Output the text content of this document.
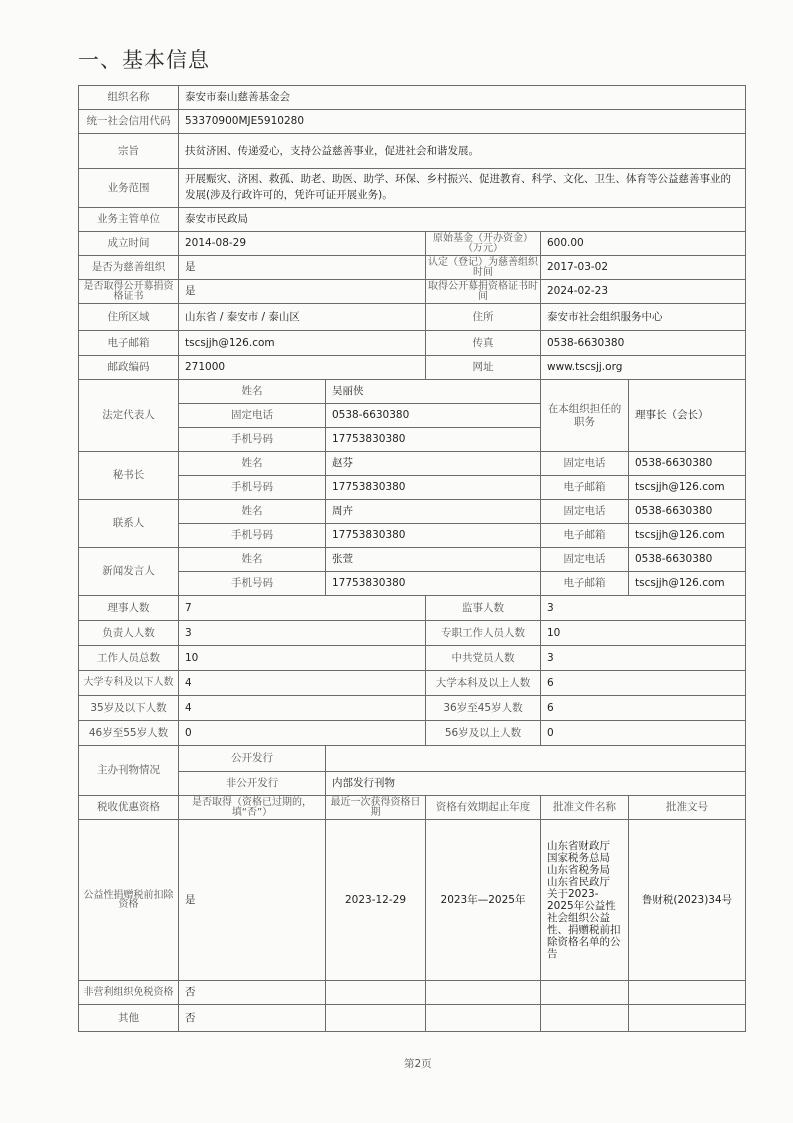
一、基本信息
组织名称	泰安市泰山慈善基金会				
统一社会信用代码	53370900MJE5910280				
宗旨	扶贫济困、传递爱心，支持公益慈善事业，促进社会和谐发展。				
业务范围	开展赈灾、济困、救孤、助老、助医、助学、环保、乡村振兴、促进教育、科学、文化、卫生、体育等公益慈善事业的发展(涉及行政许可的，凭许可证开展业务)。				
业务主管单位	泰安市民政局				
成立时间	2014-08-29		原始基金（开办资金）（万元）	600.00	
是否为慈善组织	是		认定（登记）为慈善组织时间	2017-03-02	
是否取得公开募捐资格证书	是		取得公开募捐资格证书时间	2024-02-23	
住所区域	山东省 / 泰安市 / 泰山区		住所	泰安市社会组织服务中心	
电子邮箱	tscsjjh@126.com		传真	0538-6630380	
邮政编码	271000		网址	www.tscsjj.org	
法定代表人	姓名	吴丽侠		在本组织担任的职务	理事长（会长）
	固定电话	0538-6630380			
	手机号码	17753830380			
秘书长	姓名	赵芬		固定电话	0538-6630380
	手机号码	17753830380		电子邮箱	tscsjjh@126.com
联系人	姓名	周卉		固定电话	0538-6630380
	手机号码	17753830380		电子邮箱	tscsjjh@126.com
新闻发言人	姓名	张萱		固定电话	0538-6630380
	手机号码	17753830380		电子邮箱	tscsjjh@126.com
理事人数	7		监事人数	3	
负责人人数	3		专职工作人员人数	10	
工作人员总数	10		中共党员人数	3	
大学专科及以下人数	4		大学本科及以上人数	6	
35岁及以下人数	4		36岁至45岁人数	6	
46岁至55岁人数	0		56岁及以上人数	0	
主办刊物情况	公开发行				
	非公开发行	内部发行刊物			
税收优惠资格	是否取得（资格已过期的，填“否”）	最近一次获得资格日期	资格有效期起止年度	批准文件名称	批准文号
公益性捐赠税前扣除资格	是	2023-12-29	2023年—2025年	山东省财政厅 国家税务总局 山东省税务局 山东省民政厅 关于2023-2025年公益性社会组织公益性、捐赠税前扣除资格名单的公告	鲁财税(2023)34号
非营利组织免税资格	否				
其他	否				
第2页
